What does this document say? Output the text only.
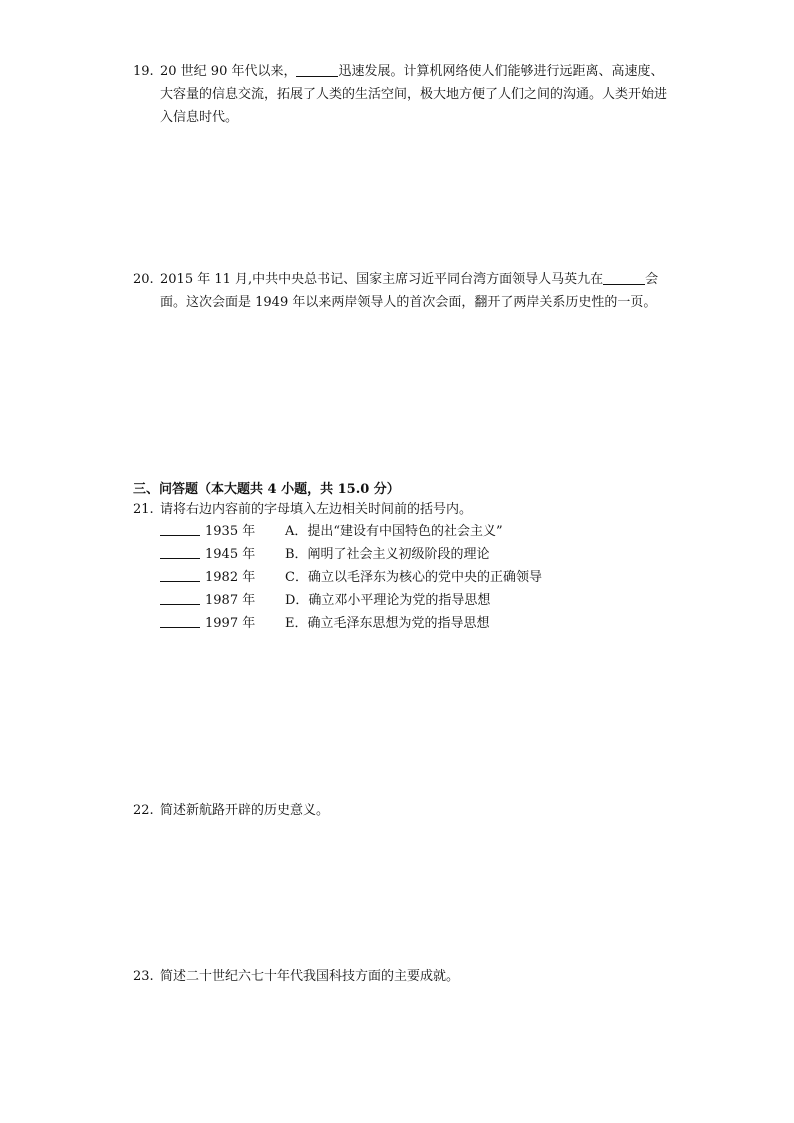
19. 20 世纪 90 年代以来，	迅速发展。计算机网络使人们能够进行远距离、高速度、大容量的信息交流，拓展了人类的生活空间，极大地方便了人们之间的沟通。人类开始进入信息时代。
20. 2015 年 11 月,中共中央总书记、国家主席习近平同台湾方面领导人马英九在	会面。这次会面是 1949 年以来两岸领导人的首次会面，翻开了两岸关系历史性的一页。
三、问答题（本大题共 4 小题，共 15.0 分）
21. 请将右边内容前的字母填入左边相关时间前的括号内。
1935 年 A．提出“建设有中国特色的社会主义”
1945 年 B．阐明了社会主义初级阶段的理论
1982 年 C．确立以毛泽东为核心的党中央的正确领导
1987 年 D．确立邓小平理论为党的指导思想
1997 年 E．确立毛泽东思想为党的指导思想
22. 简述新航路开辟的历史意义。
23. 简述二十世纪六七十年代我国科技方面的主要成就。
